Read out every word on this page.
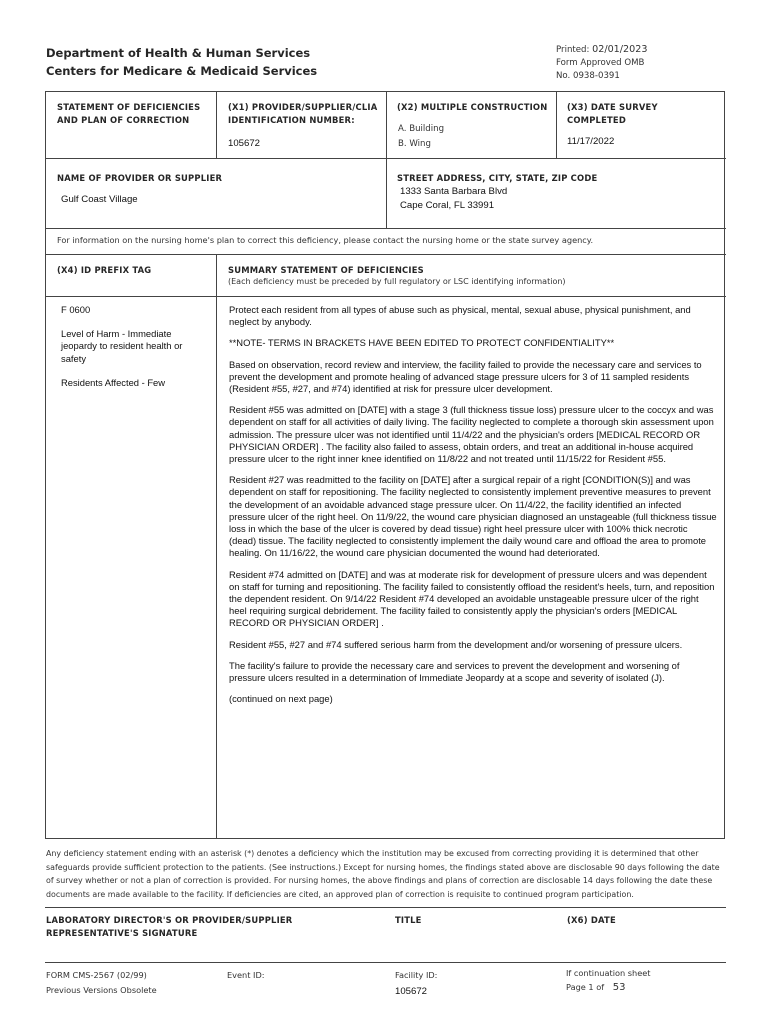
Department of Health & Human Services
Centers for Medicare & Medicaid Services
Printed: 02/01/2023
Form Approved OMB
No. 0938-0391
STATEMENT OF DEFICIENCIES
AND PLAN OF CORRECTION
(X1) PROVIDER/SUPPLIER/CLIA
IDENTIFICATION NUMBER:
105672
(X2) MULTIPLE CONSTRUCTION
A. Building
B. Wing
(X3) DATE SURVEY
COMPLETED
11/17/2022
NAME OF PROVIDER OR SUPPLIER
Gulf Coast Village
STREET ADDRESS, CITY, STATE, ZIP CODE
1333 Santa Barbara Blvd
Cape Coral, FL 33991
For information on the nursing home's plan to correct this deficiency, please contact the nursing home or the state survey agency.
(X4) ID PREFIX TAG	SUMMARY STATEMENT OF DEFICIENCIES
(Each deficiency must be preceded by full regulatory or LSC identifying information)
F 0600
Level of Harm - Immediate jeopardy to resident health or safety
Residents Affected - Few
Protect each resident from all types of abuse such as physical, mental, sexual abuse, physical punishment, and neglect by anybody.
**NOTE- TERMS IN BRACKETS HAVE BEEN EDITED TO PROTECT CONFIDENTIALITY**
Based on observation, record review and interview, the facility failed to provide the necessary care and services to prevent the development and promote healing of advanced stage pressure ulcers for 3 of 11 sampled residents (Resident #55, #27, and #74) identified at risk for pressure ulcer development.
Resident #55 was admitted on [DATE] with a stage 3 (full thickness tissue loss) pressure ulcer to the coccyx and was dependent on staff for all activities of daily living. The facility neglected to complete a thorough skin assessment upon admission. The pressure ulcer was not identified until 11/4/22 and the physician's orders [MEDICAL RECORD OR PHYSICIAN ORDER] . The facility also failed to assess, obtain orders, and treat an additional in-house acquired pressure ulcer to the right inner knee identified on 11/8/22 and not treated until 11/15/22 for Resident #55.
Resident #27 was readmitted to the facility on [DATE] after a surgical repair of a right [CONDITION(S)] and was dependent on staff for repositioning. The facility neglected to consistently implement preventive measures to prevent the development of an avoidable advanced stage pressure ulcer. On 11/4/22, the facility identified an infected pressure ulcer of the right heel. On 11/9/22, the wound care physician diagnosed an unstageable (full thickness tissue loss in which the base of the ulcer is covered by dead tissue) right heel pressure ulcer with 100% thick necrotic (dead) tissue. The facility neglected to consistently implement the daily wound care and offload the area to promote healing. On 11/16/22, the wound care physician documented the wound had deteriorated.
Resident #74 admitted on [DATE] and was at moderate risk for development of pressure ulcers and was dependent on staff for turning and repositioning. The facility failed to consistently offload the resident's heels, turn, and reposition the dependent resident. On 9/14/22 Resident #74 developed an avoidable unstageable pressure ulcer of the right heel requiring surgical debridement. The facility failed to consistently apply the physician's orders [MEDICAL RECORD OR PHYSICIAN ORDER] .
Resident #55, #27 and #74 suffered serious harm from the development and/or worsening of pressure ulcers.
The facility's failure to provide the necessary care and services to prevent the development and worsening of pressure ulcers resulted in a determination of Immediate Jeopardy at a scope and severity of isolated (J).
(continued on next page)
Any deficiency statement ending with an asterisk (*) denotes a deficiency which the institution may be excused from correcting providing it is determined that other safeguards provide sufficient protection to the patients. (See instructions.) Except for nursing homes, the findings stated above are disclosable 90 days following the date of survey whether or not a plan of correction is provided. For nursing homes, the above findings and plans of correction are disclosable 14 days following the date these documents are made available to the facility. If deficiencies are cited, an approved plan of correction is requisite to continued program participation.
LABORATORY DIRECTOR'S OR PROVIDER/SUPPLIER
REPRESENTATIVE'S SIGNATURE
TITLE	(X6) DATE
FORM CMS-2567 (02/99)
Previous Versions Obsolete
Event ID:	Facility ID:
105672
If continuation sheet
Page 1 of 53
